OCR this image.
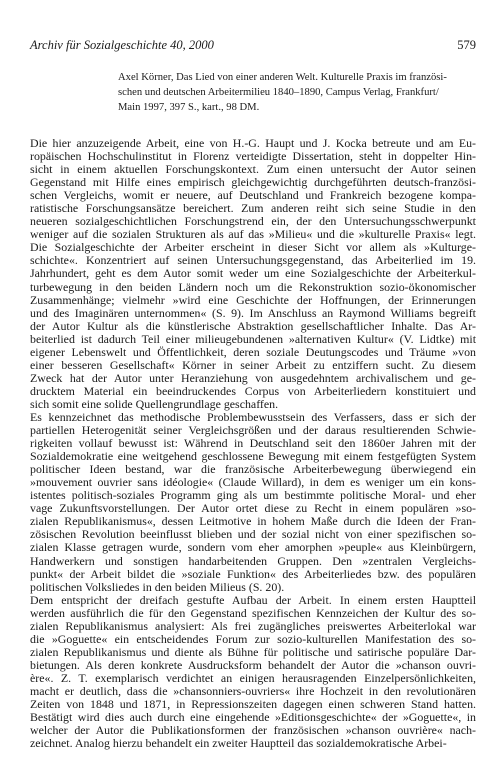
Archiv für Sozialgeschichte 40, 2000	579
Axel Körner, Das Lied von einer anderen Welt. Kulturelle Praxis im französi-
schen und deutschen Arbeitermilieu 1840–1890, Campus Verlag, Frankfurt/
Main 1997, 397 S., kart., 98 DM.
Die hier anzuzeigende Arbeit, eine von H.-G. Haupt und J. Kocka betreute und am Eu-
ropäischen Hochschulinstitut in Florenz verteidigte Dissertation, steht in doppelter Hin-
sicht in einem aktuellen Forschungskontext. Zum einen untersucht der Autor seinen
Gegenstand mit Hilfe eines empirisch gleichgewichtig durchgeführten deutsch-französi-
schen Vergleichs, womit er neuere, auf Deutschland und Frankreich bezogene kompa-
ratistische Forschungsansätze bereichert. Zum anderen reiht sich seine Studie in den
neueren sozialgeschichtlichen Forschungstrend ein, der den Untersuchungsschwerpunkt
weniger auf die sozialen Strukturen als auf das »Milieu« und die »kulturelle Praxis« legt.
Die Sozialgeschichte der Arbeiter erscheint in dieser Sicht vor allem als »Kulturge-
schichte«. Konzentriert auf seinen Untersuchungsgegenstand, das Arbeiterlied im 19.
Jahrhundert, geht es dem Autor somit weder um eine Sozialgeschichte der Arbeiterkul-
turbewegung in den beiden Ländern noch um die Rekonstruktion sozio-ökonomischer
Zusammenhänge; vielmehr »wird eine Geschichte der Hoffnungen, der Erinnerungen
und des Imaginären unternommen« (S. 9). Im Anschluss an Raymond Williams begreift
der Autor Kultur als die künstlerische Abstraktion gesellschaftlicher Inhalte. Das Ar-
beiterlied ist dadurch Teil einer milieugebundenen »alternativen Kultur« (V. Lidtke) mit
eigener Lebenswelt und Öffentlichkeit, deren soziale Deutungscodes und Träume »von
einer besseren Gesellschaft« Körner in seiner Arbeit zu entziffern sucht. Zu diesem
Zweck hat der Autor unter Heranziehung von ausgedehntem archivalischem und ge-
drucktem Material ein beeindruckendes Corpus von Arbeiterliedern konstituiert und
sich somit eine solide Quellengrundlage geschaffen.
Es kennzeichnet das methodische Problembewusstsein des Verfassers, dass er sich der
partiellen Heterogenität seiner Vergleichsgrößen und der daraus resultierenden Schwie-
rigkeiten vollauf bewusst ist: Während in Deutschland seit den 1860er Jahren mit der
Sozialdemokratie eine weitgehend geschlossene Bewegung mit einem festgefügten System
politischer Ideen bestand, war die französische Arbeiterbewegung überwiegend ein
»mouvement ouvrier sans idéologie« (Claude Willard), in dem es weniger um ein kons-
istentes politisch-soziales Programm ging als um bestimmte politische Moral- und eher
vage Zukunftsvorstellungen. Der Autor ortet diese zu Recht in einem populären »so-
zialen Republikanismus«, dessen Leitmotive in hohem Maße durch die Ideen der Fran-
zösischen Revolution beeinflusst blieben und der sozial nicht von einer spezifischen so-
zialen Klasse getragen wurde, sondern vom eher amorphen »peuple« aus Kleinbürgern,
Handwerkern und sonstigen handarbeitenden Gruppen. Den »zentralen Vergleichs-
punkt« der Arbeit bildet die »soziale Funktion« des Arbeiterliedes bzw. des populären
politischen Volksliedes in den beiden Milieus (S. 20).
Dem entspricht der dreifach gestufte Aufbau der Arbeit. In einem ersten Hauptteil
werden ausführlich die für den Gegenstand spezifischen Kennzeichen der Kultur des so-
zialen Republikanismus analysiert: Als frei zugängliches preiswertes Arbeiterlokal war
die »Goguette« ein entscheidendes Forum zur sozio-kulturellen Manifestation des so-
zialen Republikanismus und diente als Bühne für politische und satirische populäre Dar-
bietungen. Als deren konkrete Ausdrucksform behandelt der Autor die »chanson ouvri-
ère«. Z. T. exemplarisch verdichtet an einigen herausragenden Einzelpersönlichkeiten,
macht er deutlich, dass die »chansonniers-ouvriers« ihre Hochzeit in den revolutionären
Zeiten von 1848 und 1871, in Repressionszeiten dagegen einen schweren Stand hatten.
Bestätigt wird dies auch durch eine eingehende »Editionsgeschichte« der »Goguette«, in
welcher der Autor die Publikationsformen der französischen »chanson ouvrière« nach-
zeichnet. Analog hierzu behandelt ein zweiter Hauptteil das sozialdemokratische Arbei-
